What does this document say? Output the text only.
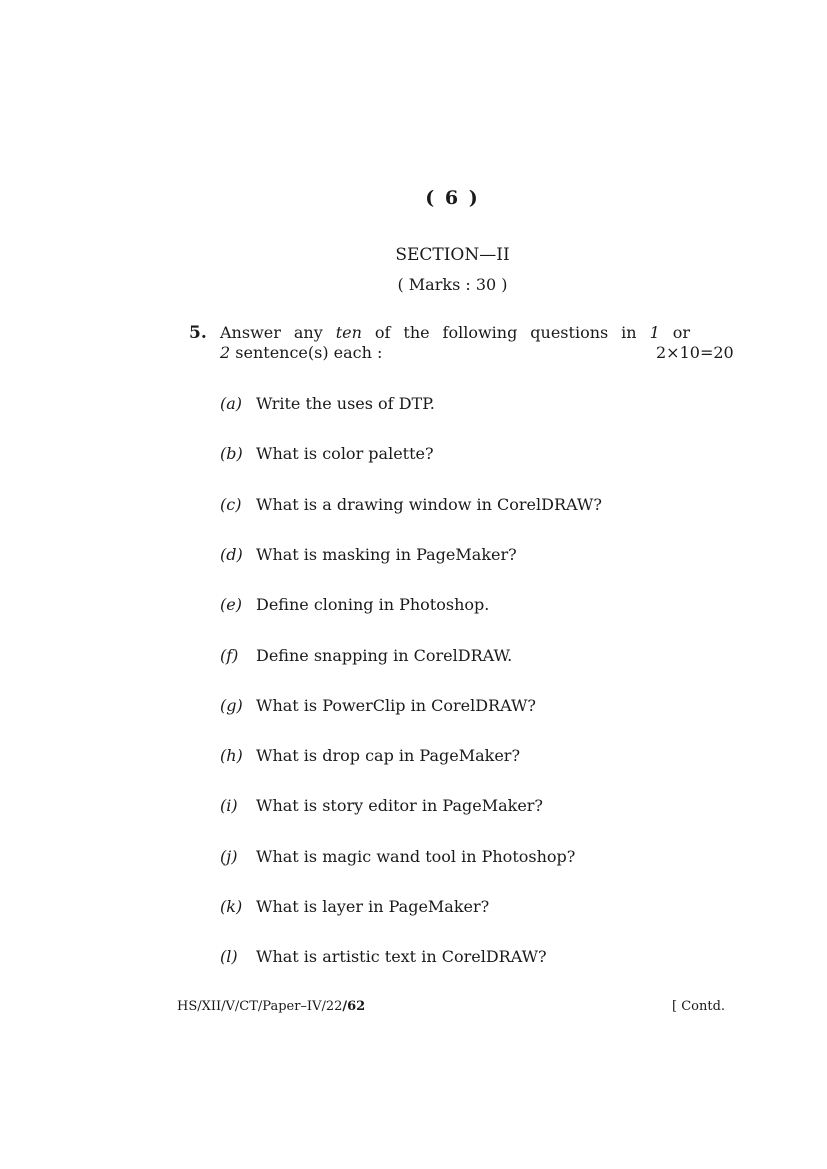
( 6 )
SECTION—II
( Marks : 30 )
5. Answer any ten of the following questions in 1 or
2 sentence(s) each :	2×10=20
(a) Write the uses of DTP.
(b) What is color palette?
(c) What is a drawing window in CorelDRAW?
(d) What is masking in PageMaker?
(e) Define cloning in Photoshop.
(f) Define snapping in CorelDRAW.
(g) What is PowerClip in CorelDRAW?
(h) What is drop cap in PageMaker?
(i) What is story editor in PageMaker?
(j) What is magic wand tool in Photoshop?
(k) What is layer in PageMaker?
(l) What is artistic text in CorelDRAW?
HS/XII/V/CT/Paper–IV/22/62	[ Contd.
